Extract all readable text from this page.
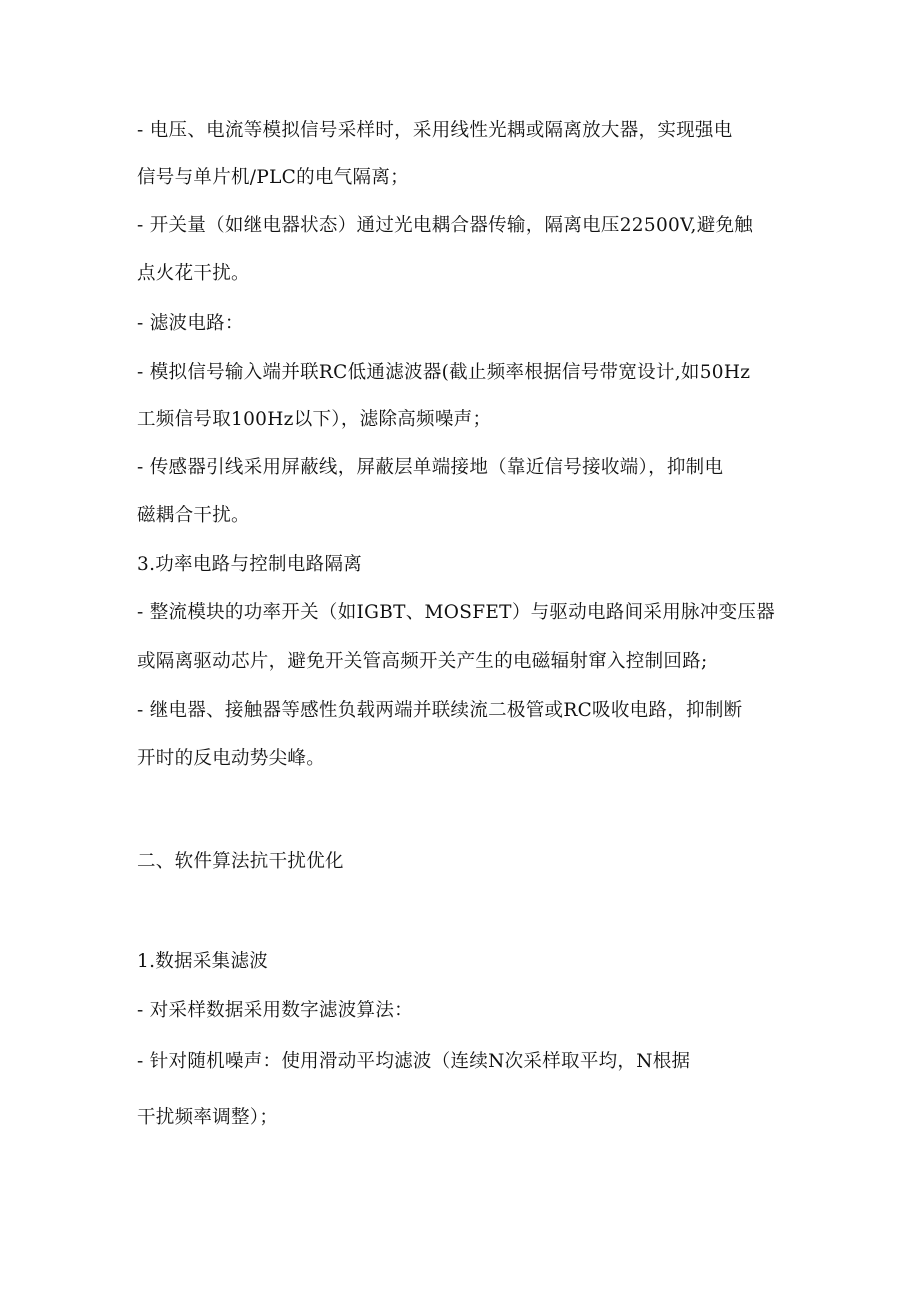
- 电压、电流等模拟信号采样时，采用线性光耦或隔离放大器，实现强电
信号与单片机/PLC的电气隔离；
- 开关量（如继电器状态）通过光电耦合器传输，隔离电压22500V,避免触
点火花干扰。
- 滤波电路：
- 模拟信号输入端并联RC低通滤波器(截止频率根据信号带宽设计,如50Hz
工频信号取100Hz以下），滤除高频噪声；
- 传感器引线采用屏蔽线，屏蔽层单端接地（靠近信号接收端），抑制电
磁耦合干扰。
3.功率电路与控制电路隔离
- 整流模块的功率开关（如IGBT、MOSFET）与驱动电路间采用脉冲变压器
或隔离驱动芯片，避免开关管高频开关产生的电磁辐射窜入控制回路;
- 继电器、接触器等感性负载两端并联续流二极管或RC吸收电路，抑制断
开时的反电动势尖峰。
二、软件算法抗干扰优化
1.数据采集滤波
- 对采样数据采用数字滤波算法：
- 针对随机噪声：使用滑动平均滤波（连续N次采样取平均，N根据
干扰频率调整）；
